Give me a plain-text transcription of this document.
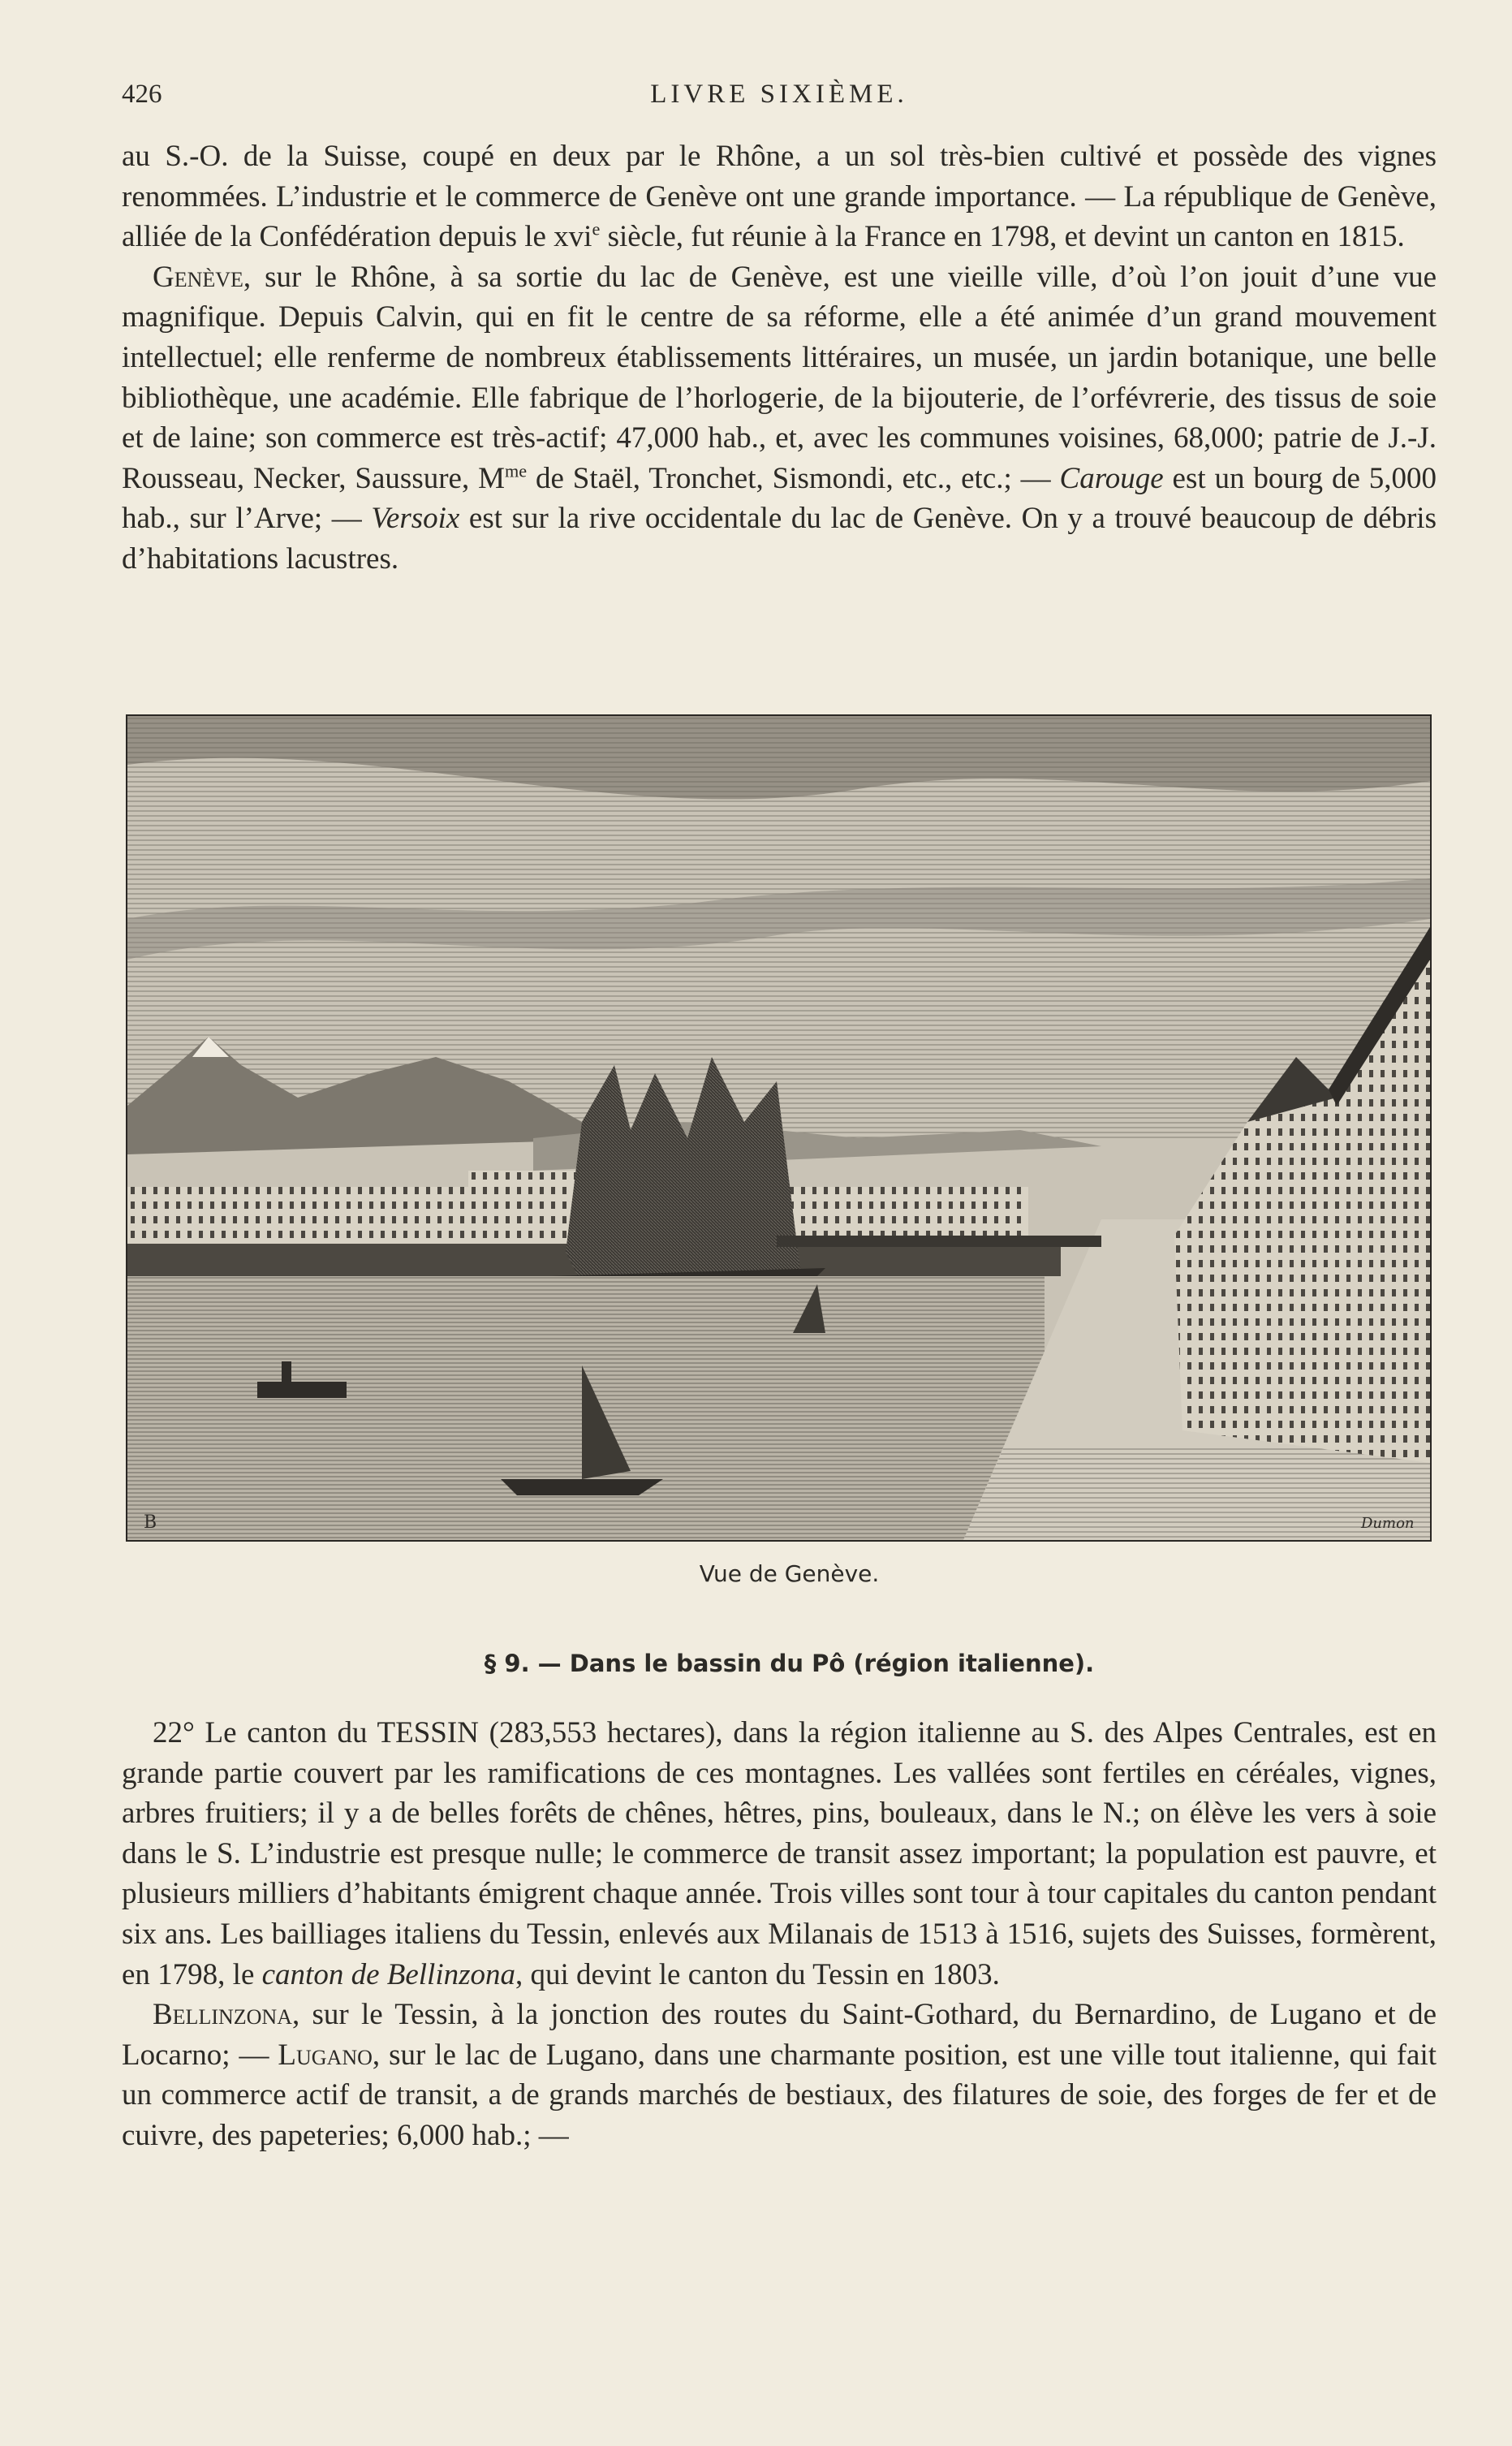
426	LIVRE SIXIÈME.

au S.-O. de la Suisse, coupé en deux par le Rhône, a un sol très-bien cultivé et possède des vignes renommées. L’industrie et le commerce de Genève ont une grande importance. — La république de Genève, alliée de la Confédération depuis le xvi$^e$ siècle, fut réunie à la France en 1798, et devint un canton en 1815.

Genève, sur le Rhône, à sa sortie du lac de Genève, est une vieille ville, d’où l’on jouit d’une vue magnifique. Depuis Calvin, qui en fit le centre de sa réforme, elle a été animée d’un grand mouvement intellectuel; elle renferme de nombreux établissements littéraires, un musée, un jardin botanique, une belle bibliothèque, une académie. Elle fabrique de l’horlogerie, de la bijouterie, de l’orfévrerie, des tissus de soie et de laine; son commerce est très-actif; 47,000 hab., et, avec les communes voisines, 68,000; patrie de J.-J. Rousseau, Necker, Saussure, $M^{me}$ de Staël, Tronchet, Sismondi, etc., etc.; — Carouge est un bourg de 5,000 hab., sur l’Arve; — Versoix est sur la rive occidentale du lac de Genève. On y a trouvé beaucoup de débris d’habitations lacustres.

B	Dumon
Vue de Genève.
§ 9. — Dans le bassin du Pô (région italienne).

22° Le canton du TESSIN (283,553 hectares), dans la région italienne au S. des Alpes Centrales, est en grande partie couvert par les ramifications de ces montagnes. Les vallées sont fertiles en céréales, vignes, arbres fruitiers; il y a de belles forêts de chênes, hêtres, pins, bouleaux, dans le N.; on élève les vers à soie dans le S. L’industrie est presque nulle; le commerce de transit assez important; la population est pauvre, et plusieurs milliers d’habitants émigrent chaque année. Trois villes sont tour à tour capitales du canton pendant six ans. Les bailliages italiens du Tessin, enlevés aux Milanais de 1513 à 1516, sujets des Suisses, formèrent, en 1798, le canton de Bellinzona, qui devint le canton du Tessin en 1803.

Bellinzona, sur le Tessin, à la jonction des routes du Saint-Gothard, du Bernardino, de Lugano et de Locarno; — Lugano, sur le lac de Lugano, dans une charmante position, est une ville tout italienne, qui fait un commerce actif de transit, a de grands marchés de bestiaux, des filatures de soie, des forges de fer et de cuivre, des papeteries; 6,000 hab.; —
